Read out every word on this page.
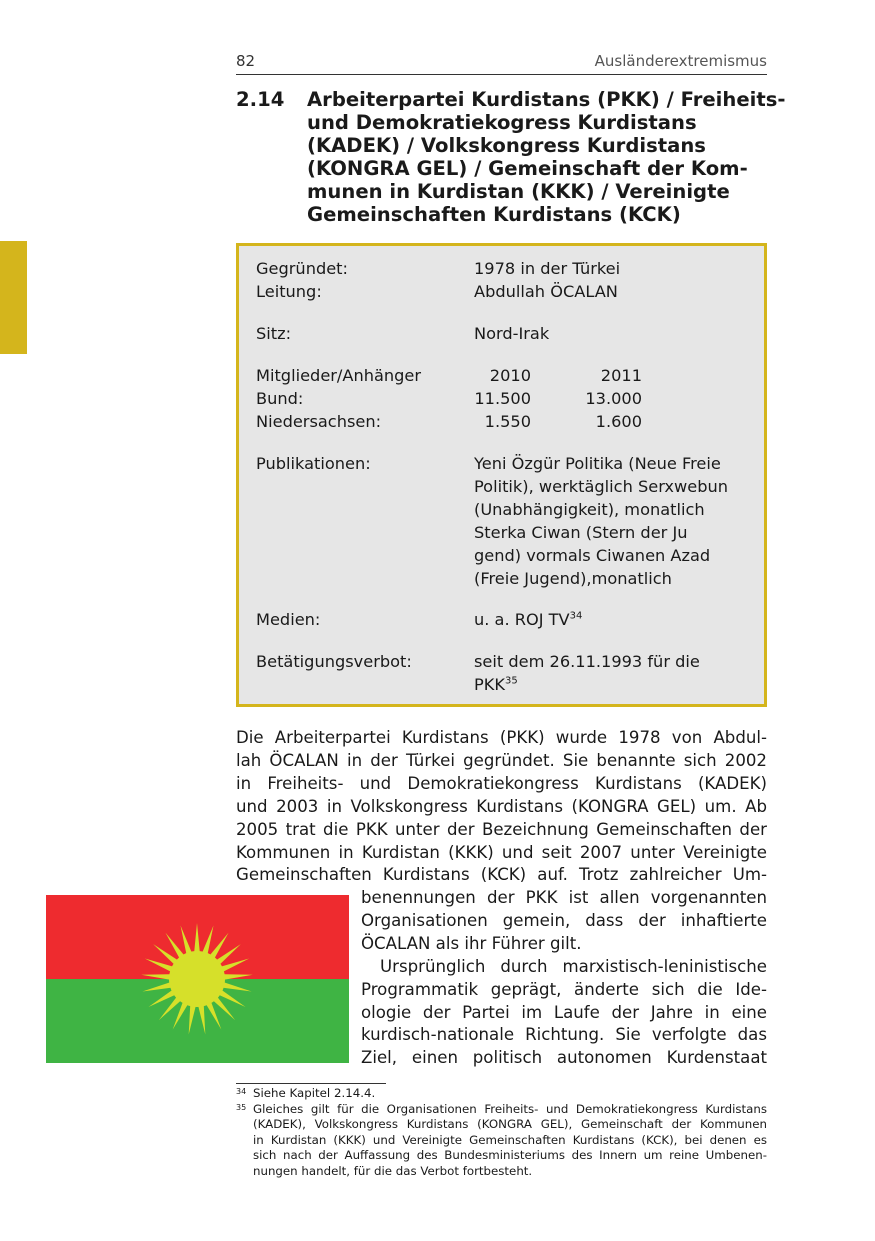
82	Ausländerextremismus
2.14 Arbeiterpartei Kurdistans (PKK) / Freiheits-
und Demokratiekogress Kurdistans
(KADEK) / Volkskongress Kurdistans
(KONGRA GEL) / Gemeinschaft der Kom-
munen in Kurdistan (KKK) / Vereinigte
Gemeinschaften Kurdistans (KCK)
Gegründet:	1978 in der Türkei
Leitung:	Abdullah ÖCALAN
Sitz:	Nord-Irak
Mitglieder/Anhänger	2010	2011
Bund:	11.500	13.000
Niedersachsen:	1.550	1.600
Publikationen:	Yeni Özgür Politika (Neue Freie
Politik), werktäglich Serxwebun
(Unabhängigkeit), monatlich
Sterka Ciwan (Stern der Ju
gend) vormals Ciwanen Azad
(Freie Jugend),monatlich
Medien:	u. a. ROJ TV$^{34}$
Betätigungsverbot:	seit dem 26.11.1993 für die
PKK$^{35}$
Die Arbeiterpartei Kurdistans (PKK) wurde 1978 von Abdul-
lah ÖCALAN in der Türkei gegründet. Sie benannte sich 2002
in Freiheits- und Demokratiekongress Kurdistans (KADEK)
und 2003 in Volkskongress Kurdistans (KONGRA GEL) um. Ab
2005 trat die PKK unter der Bezeichnung Gemeinschaften der
Kommunen in Kurdistan (KKK) und seit 2007 unter Vereinigte
Gemeinschaften Kurdistans (KCK) auf. Trotz zahlreicher Um-
benennungen der PKK ist allen vorgenannten
Organisationen gemein, dass der inhaftierte
ÖCALAN als ihr Führer gilt.
Ursprünglich durch marxistisch-leninistische
Programmatik geprägt, änderte sich die Ide-
ologie der Partei im Laufe der Jahre in eine
kurdisch-nationale Richtung. Sie verfolgte das
Ziel, einen politisch autonomen Kurdenstaat
34 Siehe Kapitel 2.14.4.
35 Gleiches gilt für die Organisationen Freiheits- und Demokratiekongress Kurdistans
(KADEK), Volkskongress Kurdistans (KONGRA GEL), Gemeinschaft der Kommunen
in Kurdistan (KKK) und Vereinigte Gemeinschaften Kurdistans (KCK), bei denen es
sich nach der Auffassung des Bundesministeriums des Innern um reine Umbenen-
nungen handelt, für die das Verbot fortbesteht.
